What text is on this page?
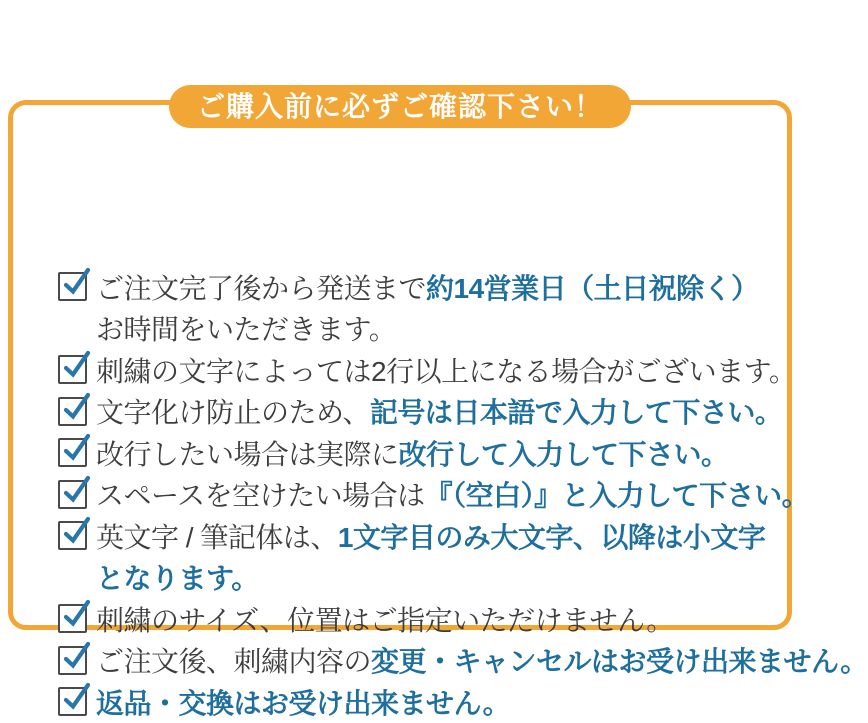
ご購入前に必ずご確認下さい！
ご注文完了後から発送まで 約14営業日（土日祝除く）
お時間をいただきます。
刺繍の文字によっては2行以上になる場合がございます。
文字化け防止のため、 記号は日本語で入力して下さい。
改行したい場合は実際に 改行して入力して下さい。
スペースを空けたい場合は 『（空白）』と入力して下さい。
英文字 / 筆記体は、 1文字目のみ大文字、以降は小文字
となります。
刺繍のサイズ、位置はご指定いただけません。
ご注文後、刺繍内容の 変更・キャンセルはお受け出来ません。
返品・交換はお受け出来ません。
